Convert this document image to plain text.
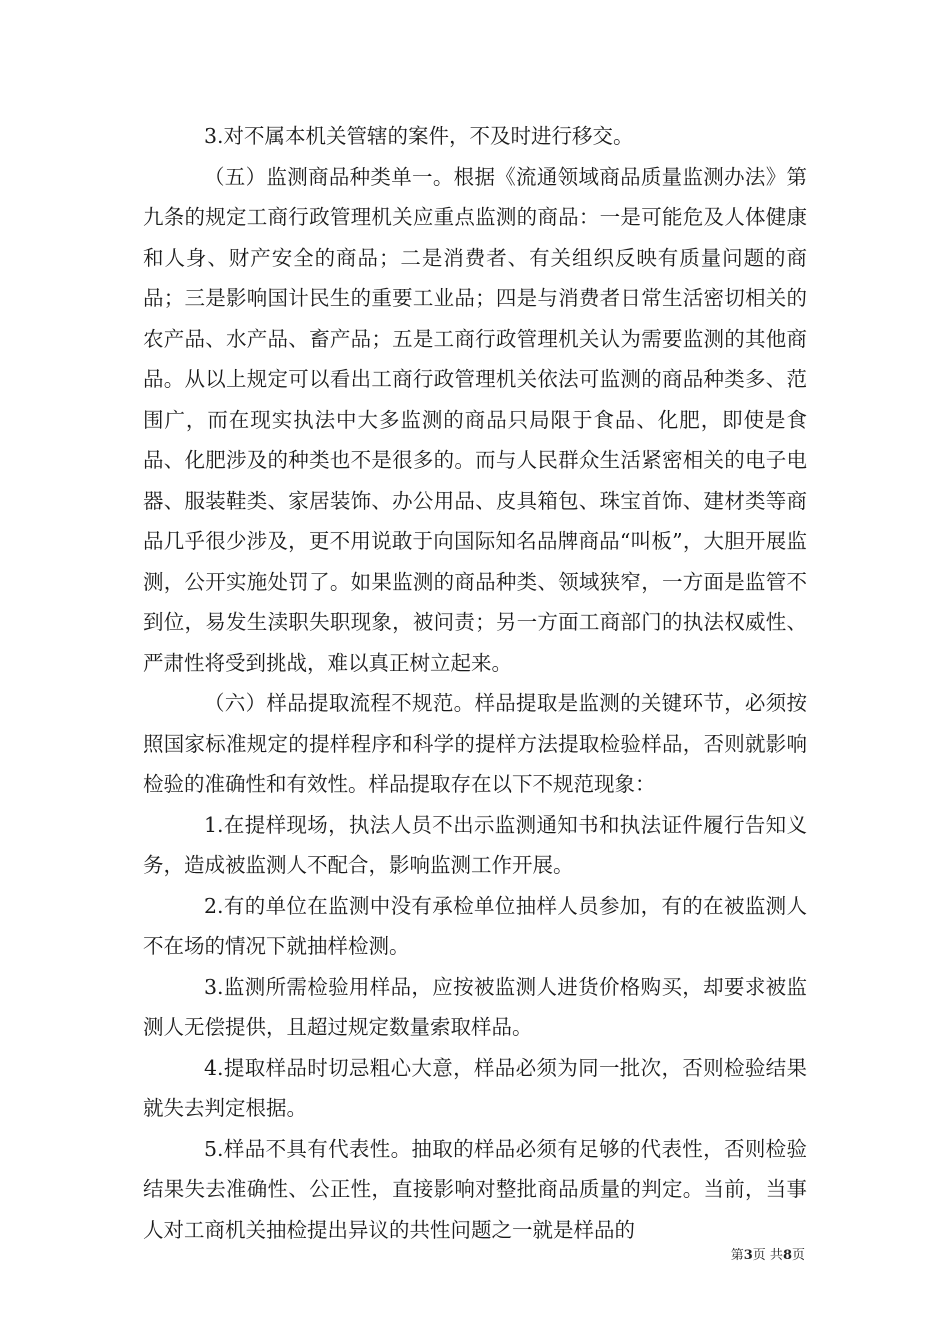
3.对不属本机关管辖的案件，不及时进行移交。

（五）监测商品种类单一。根据《流通领域商品质量监测办法》第九条的规定工商行政管理机关应重点监测的商品：一是可能危及人体健康和人身、财产安全的商品；二是消费者、有关组织反映有质量问题的商品；三是影响国计民生的重要工业品；四是与消费者日常生活密切相关的农产品、水产品、畜产品；五是工商行政管理机关认为需要监测的其他商品。从以上规定可以看出工商行政管理机关依法可监测的商品种类多、范围广，而在现实执法中大多监测的商品只局限于食品、化肥，即使是食品、化肥涉及的种类也不是很多的。而与人民群众生活紧密相关的电子电器、服装鞋类、家居装饰、办公用品、皮具箱包、珠宝首饰、建材类等商品几乎很少涉及，更不用说敢于向国际知名品牌商品“叫板”，大胆开展监测，公开实施处罚了。如果监测的商品种类、领域狭窄，一方面是监管不到位，易发生渎职失职现象，被问责；另一方面工商部门的执法权威性、严肃性将受到挑战，难以真正树立起来。

（六）样品提取流程不规范。样品提取是监测的关键环节，必须按照国家标准规定的提样程序和科学的提样方法提取检验样品，否则就影响检验的准确性和有效性。样品提取存在以下不规范现象：

1.在提样现场，执法人员不出示监测通知书和执法证件履行告知义务，造成被监测人不配合，影响监测工作开展。

2.有的单位在监测中没有承检单位抽样人员参加，有的在被监测人不在场的情况下就抽样检测。

3.监测所需检验用样品，应按被监测人进货价格购买，却要求被监测人无偿提供，且超过规定数量索取样品。

4.提取样品时切忌粗心大意，样品必须为同一批次，否则检验结果就失去判定根据。

5.样品不具有代表性。抽取的样品必须有足够的代表性，否则检验结果失去准确性、公正性，直接影响对整批商品质量的判定。当前，当事人对工商机关抽检提出异议的共性问题之一就是样品的

第3页 共8页
